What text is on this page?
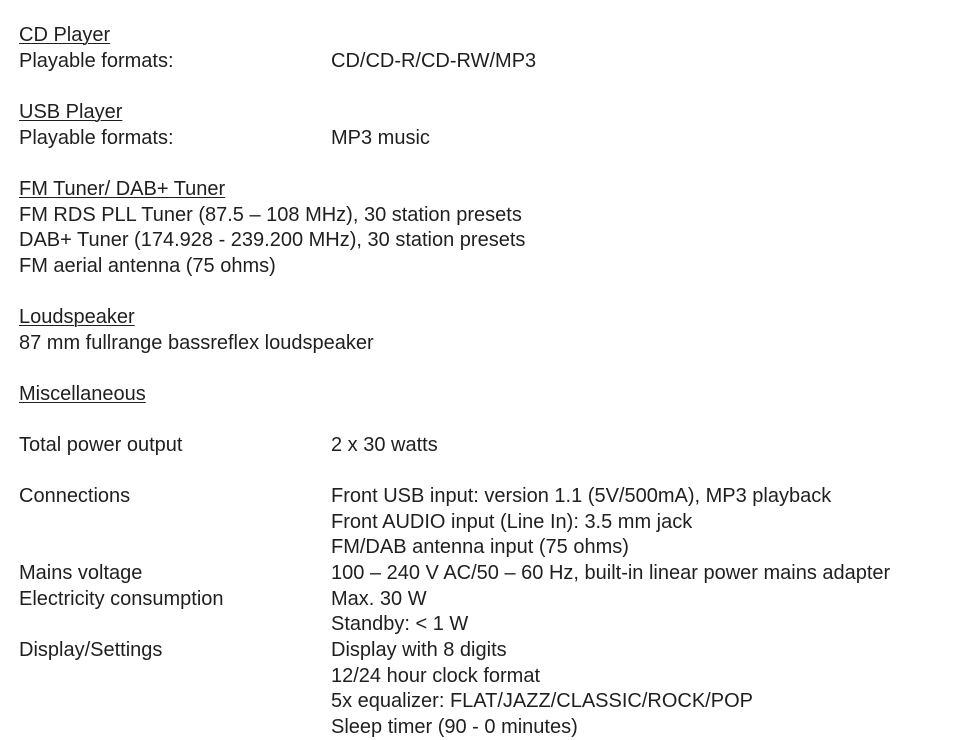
CD Player
Playable formats:	CD/CD-R/CD-RW/MP3
USB Player
Playable formats:	MP3 music
FM Tuner/ DAB+ Tuner
FM RDS PLL Tuner (87.5 – 108 MHz), 30 station presets
DAB+ Tuner (174.928 - 239.200 MHz), 30 station presets
FM aerial antenna (75 ohms)
Loudspeaker
87 mm fullrange bassreflex loudspeaker
Miscellaneous
Total power output	2 x 30 watts
Connections	Front USB input: version 1.1 (5V/500mA), MP3 playback
Front AUDIO input (Line In): 3.5 mm jack
FM/DAB antenna input (75 ohms)
Mains voltage	100 – 240 V AC/50 – 60 Hz, built-in linear power mains adapter
Electricity consumption	Max. 30 W
Standby: < 1 W
Display/Settings	Display with 8 digits
12/24 hour clock format
5x equalizer: FLAT/JAZZ/CLASSIC/ROCK/POP
Sleep timer (90 - 0 minutes)
